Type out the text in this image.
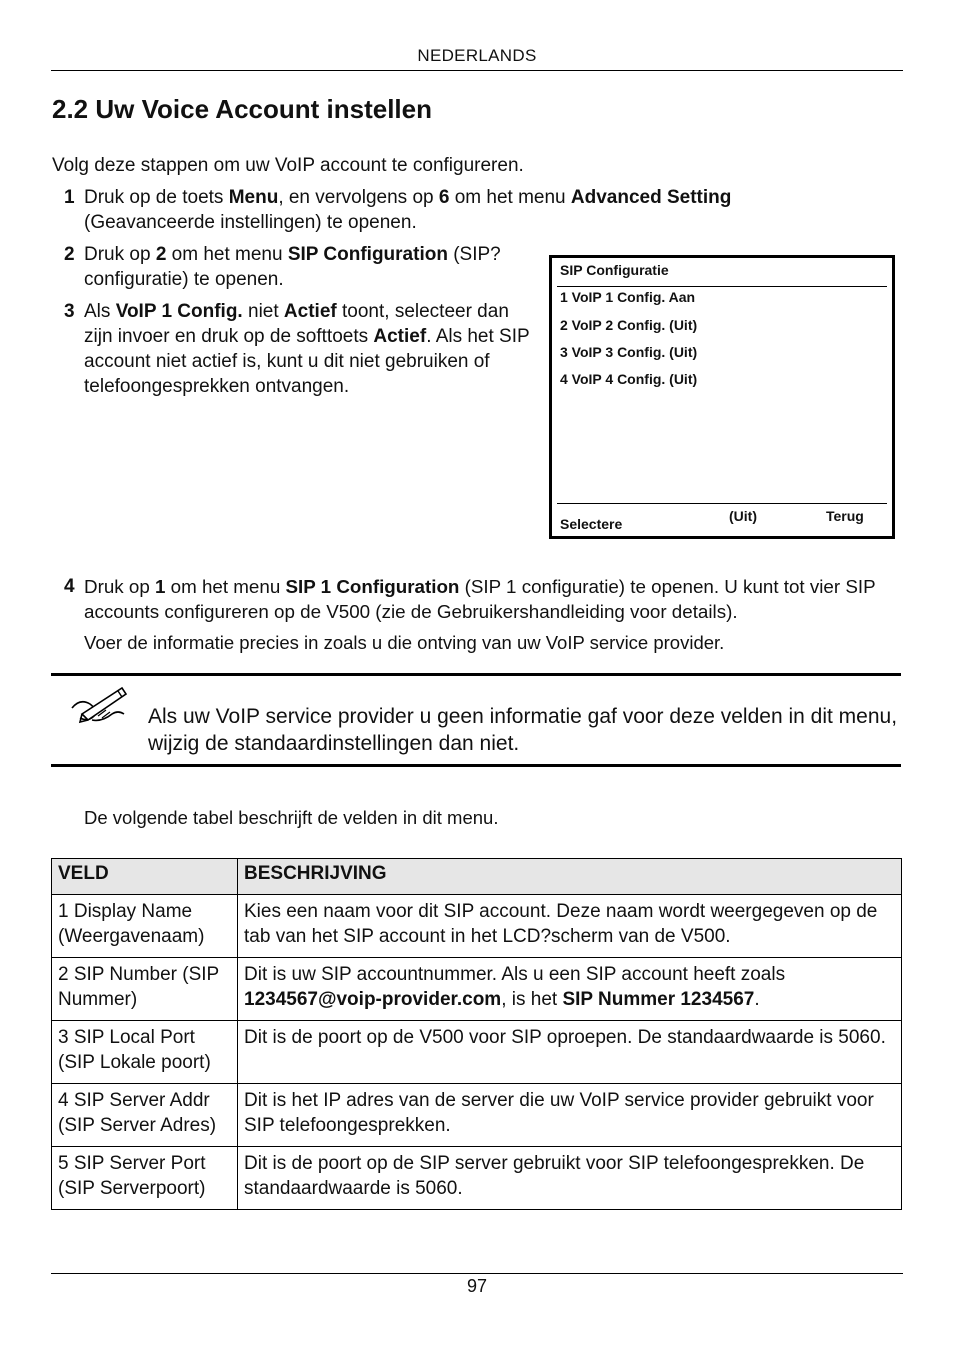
NEDERLANDS
2.2 Uw Voice Account instellen
Volg deze stappen om uw VoIP account te configureren.
1 Druk op de toets Menu, en vervolgens op 6 om het menu Advanced Setting (Geavanceerde instellingen) te openen.
2 Druk op 2 om het menu SIP Configuration (SIP?configuratie) te openen.
3 Als VoIP 1 Config. niet Actief toont, selecteer dan zijn invoer en druk op de softtoets Actief. Als het SIP account niet actief is, kunt u dit niet gebruiken of telefoongesprekken ontvangen.
SIP Configuratie
1 VoIP 1 Config. Aan
2 VoIP 2 Config. (Uit)
3 VoIP 3 Config. (Uit)
4 VoIP 4 Config. (Uit)
Selectere	(Uit)	Terug
4 Druk op 1 om het menu SIP 1 Configuration (SIP 1 configuratie) te openen. U kunt tot vier SIP accounts configureren op de V500 (zie de Gebruikershandleiding voor details).
Voer de informatie precies in zoals u die ontving van uw VoIP service provider.
Als uw VoIP service provider u geen informatie gaf voor deze velden in dit menu, wijzig de standaardinstellingen dan niet.
De volgende tabel beschrijft de velden in dit menu.
VELD	BESCHRIJVING
1 Display Name (Weergavenaam)	Kies een naam voor dit SIP account. Deze naam wordt weergegeven op de tab van het SIP account in het LCD?scherm van de V500.
2 SIP Number (SIP Nummer)	Dit is uw SIP accountnummer. Als u een SIP account heeft zoals 1234567@voip-provider.com, is het SIP Nummer 1234567.
3 SIP Local Port (SIP Lokale poort)	Dit is de poort op de V500 voor SIP oproepen. De standaardwaarde is 5060.
4 SIP Server Addr (SIP Server Adres)	Dit is het IP adres van de server die uw VoIP service provider gebruikt voor SIP telefoongesprekken.
5 SIP Server Port (SIP Serverpoort)	Dit is de poort op de SIP server gebruikt voor SIP telefoongesprekken. De standaardwaarde is 5060.
97
